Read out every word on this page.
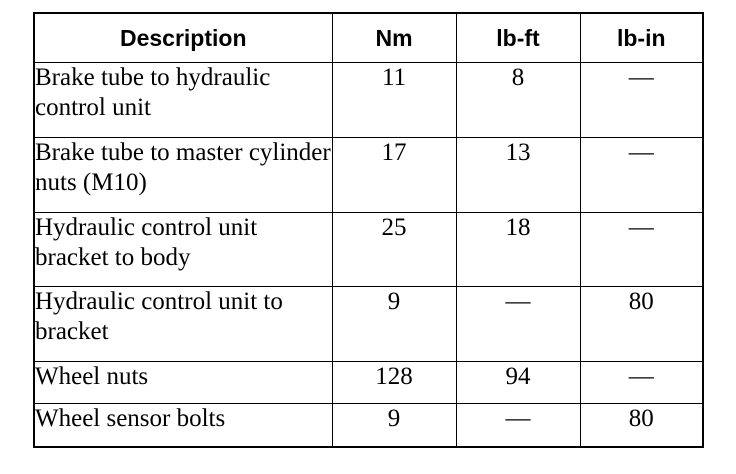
Description	Nm	lb-ft	lb-in
Brake tube to hydraulic control unit	11	8	—
Brake tube to master cylinder nuts (M10)	17	13	—
Hydraulic control unit bracket to body	25	18	—
Hydraulic control unit to bracket	9	—	80
Wheel nuts	128	94	—
Wheel sensor bolts	9	—	80
